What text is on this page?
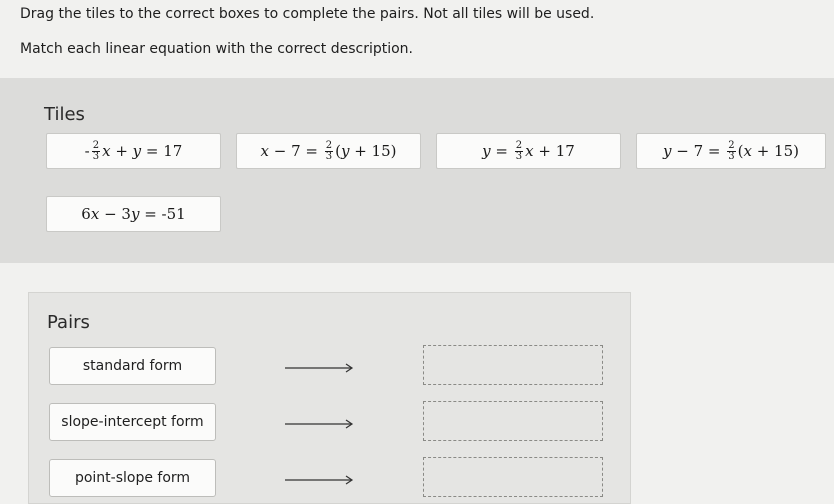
Drag the tiles to the correct boxes to complete the pairs. Not all tiles will be used.
Match each linear equation with the correct description.
Tiles
- $\frac{2}{3}$ x + y = 17	$x - 7 = \frac{2}{3}$ ( y + 15)	$y = \frac{2}{3}$ x + 17	$y - 7 = \frac{2}{3}$ ( x + 15)
6 x − 3 y = -51
Pairs
standard form
slope-intercept form
point-slope form
